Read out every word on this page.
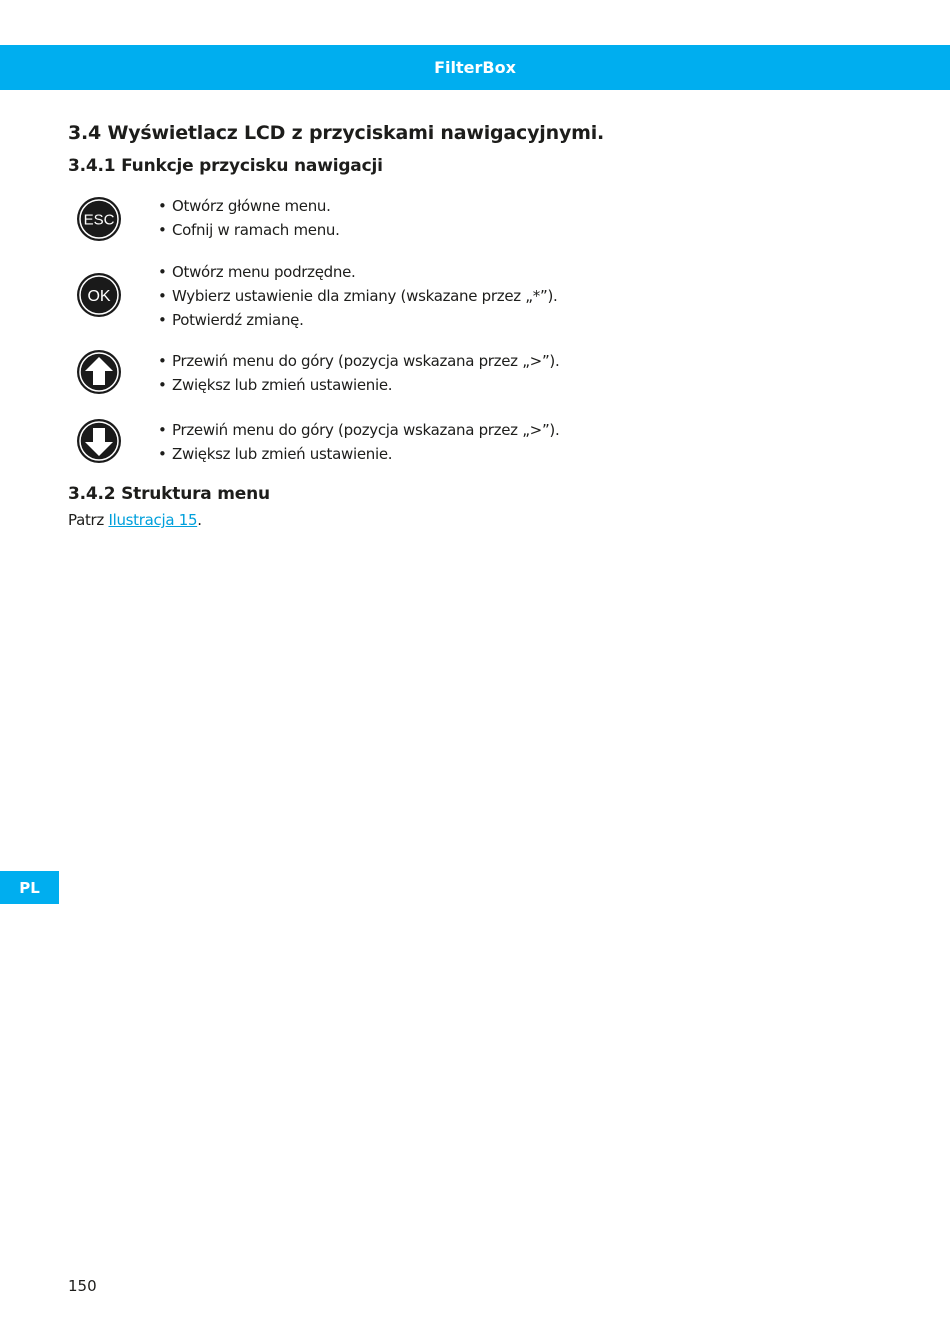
FilterBox
3.4 Wyświetlacz LCD z przyciskami nawigacyjnymi.
3.4.1 Funkcje przycisku nawigacji
ESC
• Otwórz główne menu.
• Cofnij w ramach menu.
OK
• Otwórz menu podrzędne.
• Wybierz ustawienie dla zmiany (wskazane przez „*”).
• Potwierdź zmianę.
• Przewiń menu do góry (pozycja wskazana przez „>”).
• Zwiększ lub zmień ustawienie.
• Przewiń menu do góry (pozycja wskazana przez „>”).
• Zwiększ lub zmień ustawienie.
3.4.2 Struktura menu

Patrz Ilustracja 15.

PL
150
